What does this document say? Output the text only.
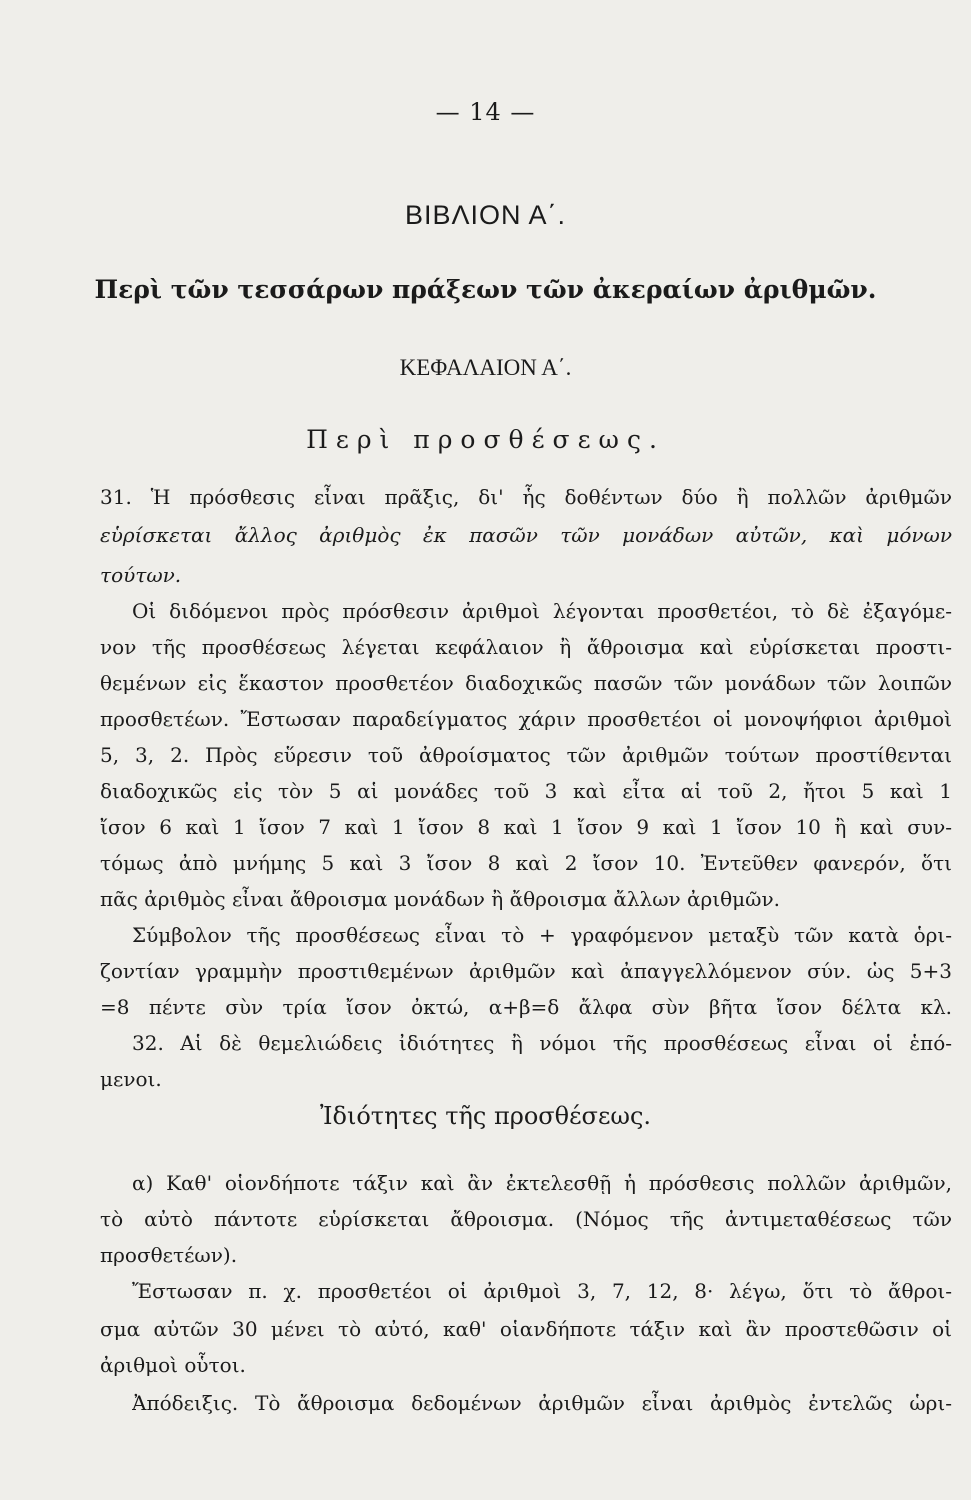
— 14 —
ΒΙΒΛΙΟΝ Α΄.
Περὶ τῶν τεσσάρων πράξεων τῶν ἀκεραίων ἀριθμῶν.
ΚΕΦΑΛΑΙΟΝ Α΄.
Περὶ προσθέσεως.
31. Ἡ πρόσθεσις εἶναι πρᾶξις, δι' ἧς δοθέντων δύο ἢ πολλῶν ἀριθμῶν
εὑρίσκεται ἄλλος ἀριθμὸς ἐκ πασῶν τῶν μονάδων αὐτῶν, καὶ μόνων
τούτων.
Οἱ διδόμενοι πρὸς πρόσθεσιν ἀριθμοὶ λέγονται προσθετέοι, τὸ δὲ ἐξαγόμε-
νον τῆς προσθέσεως λέγεται κεφάλαιον ἢ ἄθροισμα καὶ εὑρίσκεται προστι-
θεμένων εἰς ἕκαστον προσθετέον διαδοχικῶς πασῶν τῶν μονάδων τῶν λοιπῶν
προσθετέων. Ἔστωσαν παραδείγματος χάριν προσθετέοι οἱ μονοψήφιοι ἀριθμοὶ
5, 3, 2. Πρὸς εὕρεσιν τοῦ ἀθροίσματος τῶν ἀριθμῶν τούτων προστίθενται
διαδοχικῶς εἰς τὸν 5 αἱ μονάδες τοῦ 3 καὶ εἶτα αἱ τοῦ 2, ἤτοι 5 καὶ 1
ἴσον 6 καὶ 1 ἴσον 7 καὶ 1 ἴσον 8 καὶ 1 ἴσον 9 καὶ 1 ἴσον 10 ἢ καὶ συν-
τόμως ἀπὸ μνήμης 5 καὶ 3 ἴσον 8 καὶ 2 ἴσον 10. Ἐντεῦθεν φανερόν, ὅτι
πᾶς ἀριθμὸς εἶναι ἄθροισμα μονάδων ἢ ἄθροισμα ἄλλων ἀριθμῶν.
Σύμβολον τῆς προσθέσεως εἶναι τὸ + γραφόμενον μεταξὺ τῶν κατὰ ὁρι-
ζοντίαν γραμμὴν προστιθεμένων ἀριθμῶν καὶ ἀπαγγελλόμενον σύν. ὡς 5+3
=8 πέντε σὺν τρία ἴσον ὀκτώ, α+β=δ ἄλφα σὺν βῆτα ἴσον δέλτα κλ.
32. Αἱ δὲ θεμελιώδεις ἰδιότητες ἢ νόμοι τῆς προσθέσεως εἶναι οἱ ἑπό-
μενοι.
Ἰδιότητες τῆς προσθέσεως.
α) Καθ' οἱονδήποτε τάξιν καὶ ἂν ἐκτελεσθῇ ἡ πρόσθεσις πολλῶν ἀριθμῶν,
τὸ αὐτὸ πάντοτε εὑρίσκεται ἄθροισμα. (Νόμος τῆς ἀντιμεταθέσεως τῶν
προσθετέων).
Ἔστωσαν π. χ. προσθετέοι οἱ ἀριθμοὶ 3, 7, 12, 8· λέγω, ὅτι τὸ ἄθροι-
σμα αὐτῶν 30 μένει τὸ αὐτό, καθ' οἱανδήποτε τάξιν καὶ ἂν προστεθῶσιν οἱ
ἀριθμοὶ οὗτοι.
Ἀπόδειξις. Τὸ ἄθροισμα δεδομένων ἀριθμῶν εἶναι ἀριθμὸς ἐντελῶς ὡρι-
